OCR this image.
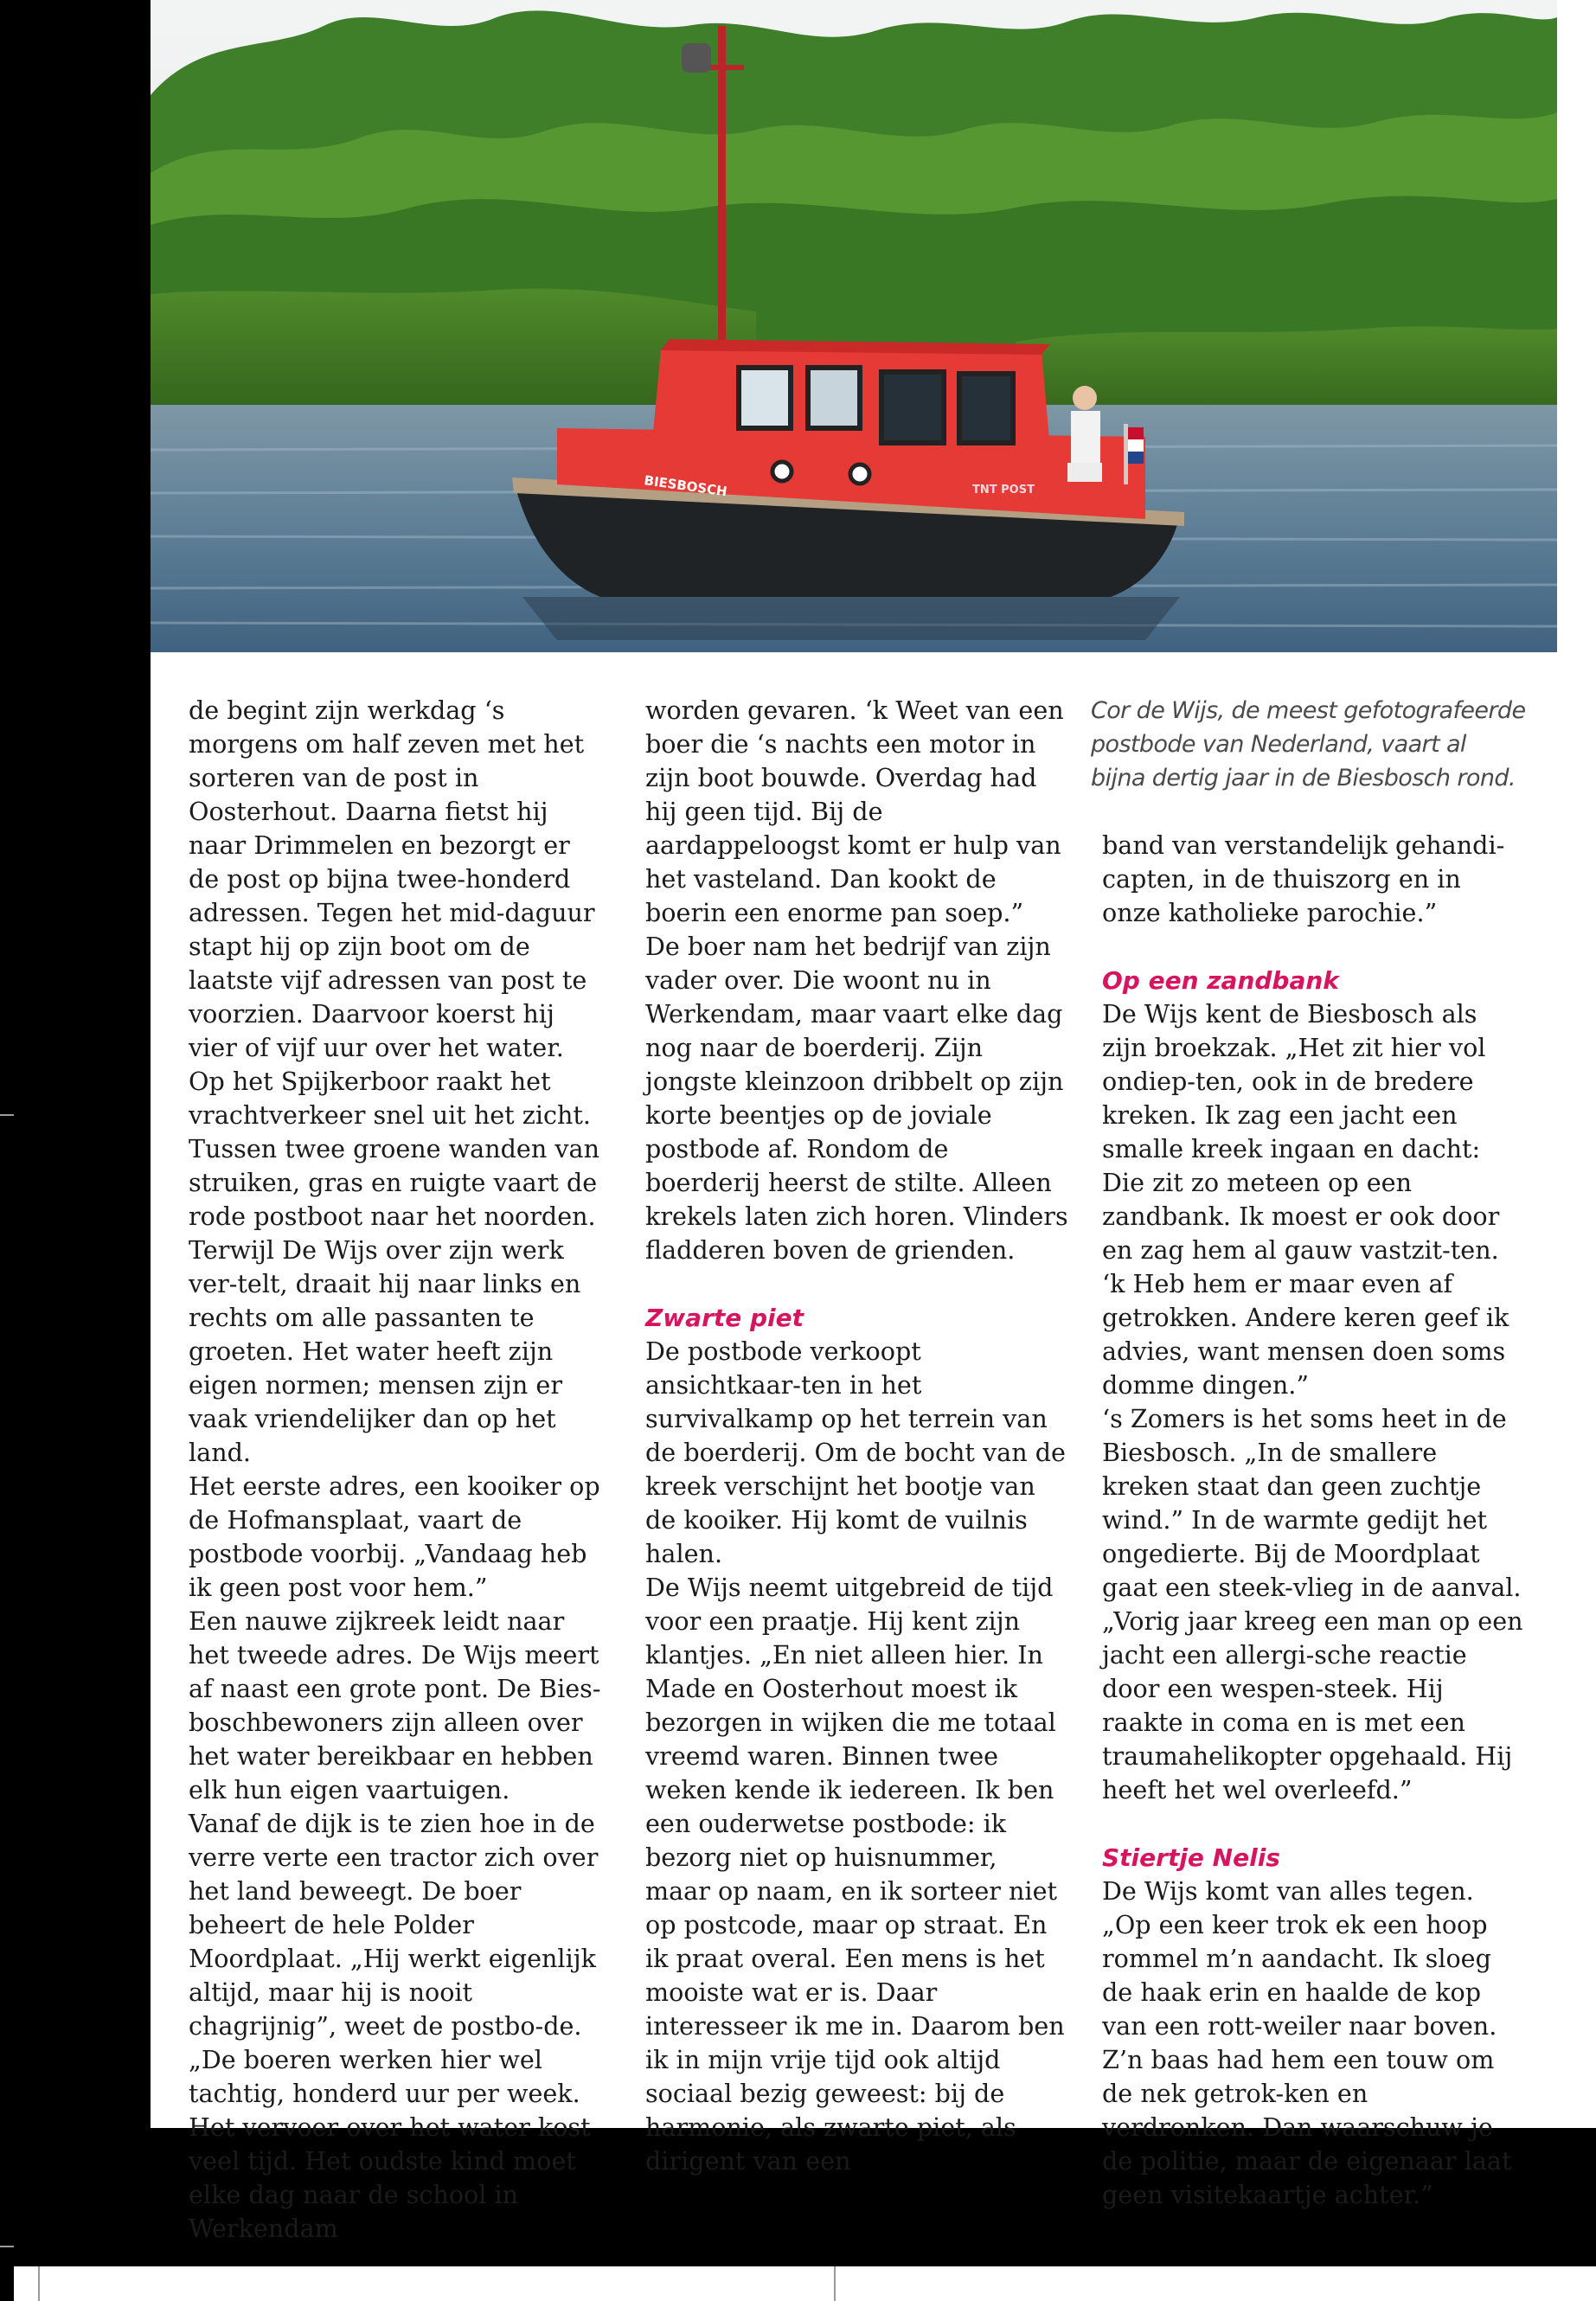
BIESBOSCH	TNT POST

de begint zijn werkdag ‘s morgens om half zeven met het sorteren van de post in Oosterhout. Daarna fietst hij naar Drimmelen en bezorgt er de post op bijna twee-honderd adressen. Tegen het mid-daguur stapt hij op zijn boot om de laatste vijf adressen van post te voorzien. Daarvoor koerst hij vier of vijf uur over het water.

Op het Spijkerboor raakt het vrachtverkeer snel uit het zicht. Tussen twee groene wanden van struiken, gras en ruigte vaart de rode postboot naar het noorden. Terwijl De Wijs over zijn werk ver-telt, draait hij naar links en rechts om alle passanten te groeten. Het water heeft zijn eigen normen; mensen zijn er vaak vriendelijker dan op het land.

Het eerste adres, een kooiker op de Hofmansplaat, vaart de postbode voorbij. „Vandaag heb ik geen post voor hem.”

Een nauwe zijkreek leidt naar het tweede adres. De Wijs meert af naast een grote pont. De Bies-boschbewoners zijn alleen over het water bereikbaar en hebben elk hun eigen vaartuigen.

Vanaf de dijk is te zien hoe in de verre verte een tractor zich over het land beweegt. De boer beheert de hele Polder Moordplaat. „Hij werkt eigenlijk altijd, maar hij is nooit chagrijnig”, weet de postbo-de. „De boeren werken hier wel tachtig, honderd uur per week. Het vervoer over het water kost veel tijd. Het oudste kind moet elke dag naar de school in Werkendam

worden gevaren. ‘k Weet van een boer die ‘s nachts een motor in zijn boot bouwde. Overdag had hij geen tijd. Bij de aardappeloogst komt er hulp van het vasteland. Dan kookt de boerin een enorme pan soep.”

De boer nam het bedrijf van zijn vader over. Die woont nu in Werkendam, maar vaart elke dag nog naar de boerderij. Zijn jongste kleinzoon dribbelt op zijn korte beentjes op de joviale postbode af. Rondom de boerderij heerst de stilte. Alleen krekels laten zich horen. Vlinders fladderen boven de grienden.

Zwarte piet

De postbode verkoopt ansichtkaar-ten in het survivalkamp op het terrein van de boerderij. Om de bocht van de kreek verschijnt het bootje van de kooiker. Hij komt de vuilnis halen.

De Wijs neemt uitgebreid de tijd voor een praatje. Hij kent zijn klantjes. „En niet alleen hier. In Made en Oosterhout moest ik bezorgen in wijken die me totaal vreemd waren. Binnen twee weken kende ik iedereen. Ik ben een ouderwetse postbode: ik bezorg niet op huisnummer, maar op naam, en ik sorteer niet op postcode, maar op straat. En ik praat overal. Een mens is het mooiste wat er is. Daar interesseer ik me in. Daarom ben ik in mijn vrije tijd ook altijd sociaal bezig geweest: bij de harmonie, als zwarte piet, als dirigent van een

Cor de Wijs, de meest gefotografeerde postbode van Nederland, vaart al bijna dertig jaar in de Biesbosch rond.

band van verstandelijk gehandi-capten, in de thuiszorg en in onze katholieke parochie.”

Op een zandbank

De Wijs kent de Biesbosch als zijn broekzak. „Het zit hier vol ondiep-ten, ook in de bredere kreken. Ik zag een jacht een smalle kreek ingaan en dacht: Die zit zo meteen op een zandbank. Ik moest er ook door en zag hem al gauw vastzit-ten. ‘k Heb hem er maar even af getrokken. Andere keren geef ik advies, want mensen doen soms domme dingen.”

‘s Zomers is het soms heet in de Biesbosch. „In de smallere kreken staat dan geen zuchtje wind.” In de warmte gedijt het ongedierte. Bij de Moordplaat gaat een steek-vlieg in de aanval. „Vorig jaar kreeg een man op een jacht een allergi-sche reactie door een wespen-steek. Hij raakte in coma en is met een traumahelikopter opgehaald. Hij heeft het wel overleefd.”

Stiertje Nelis

De Wijs komt van alles tegen. „Op een keer trok ek een hoop rommel m’n aandacht. Ik sloeg de haak erin en haalde de kop van een rott-weiler naar boven. Z’n baas had hem een touw om de nek getrok-ken en verdronken. Dan waarschuw je de politie, maar de eigenaar laat geen visitekaartje achter.”
